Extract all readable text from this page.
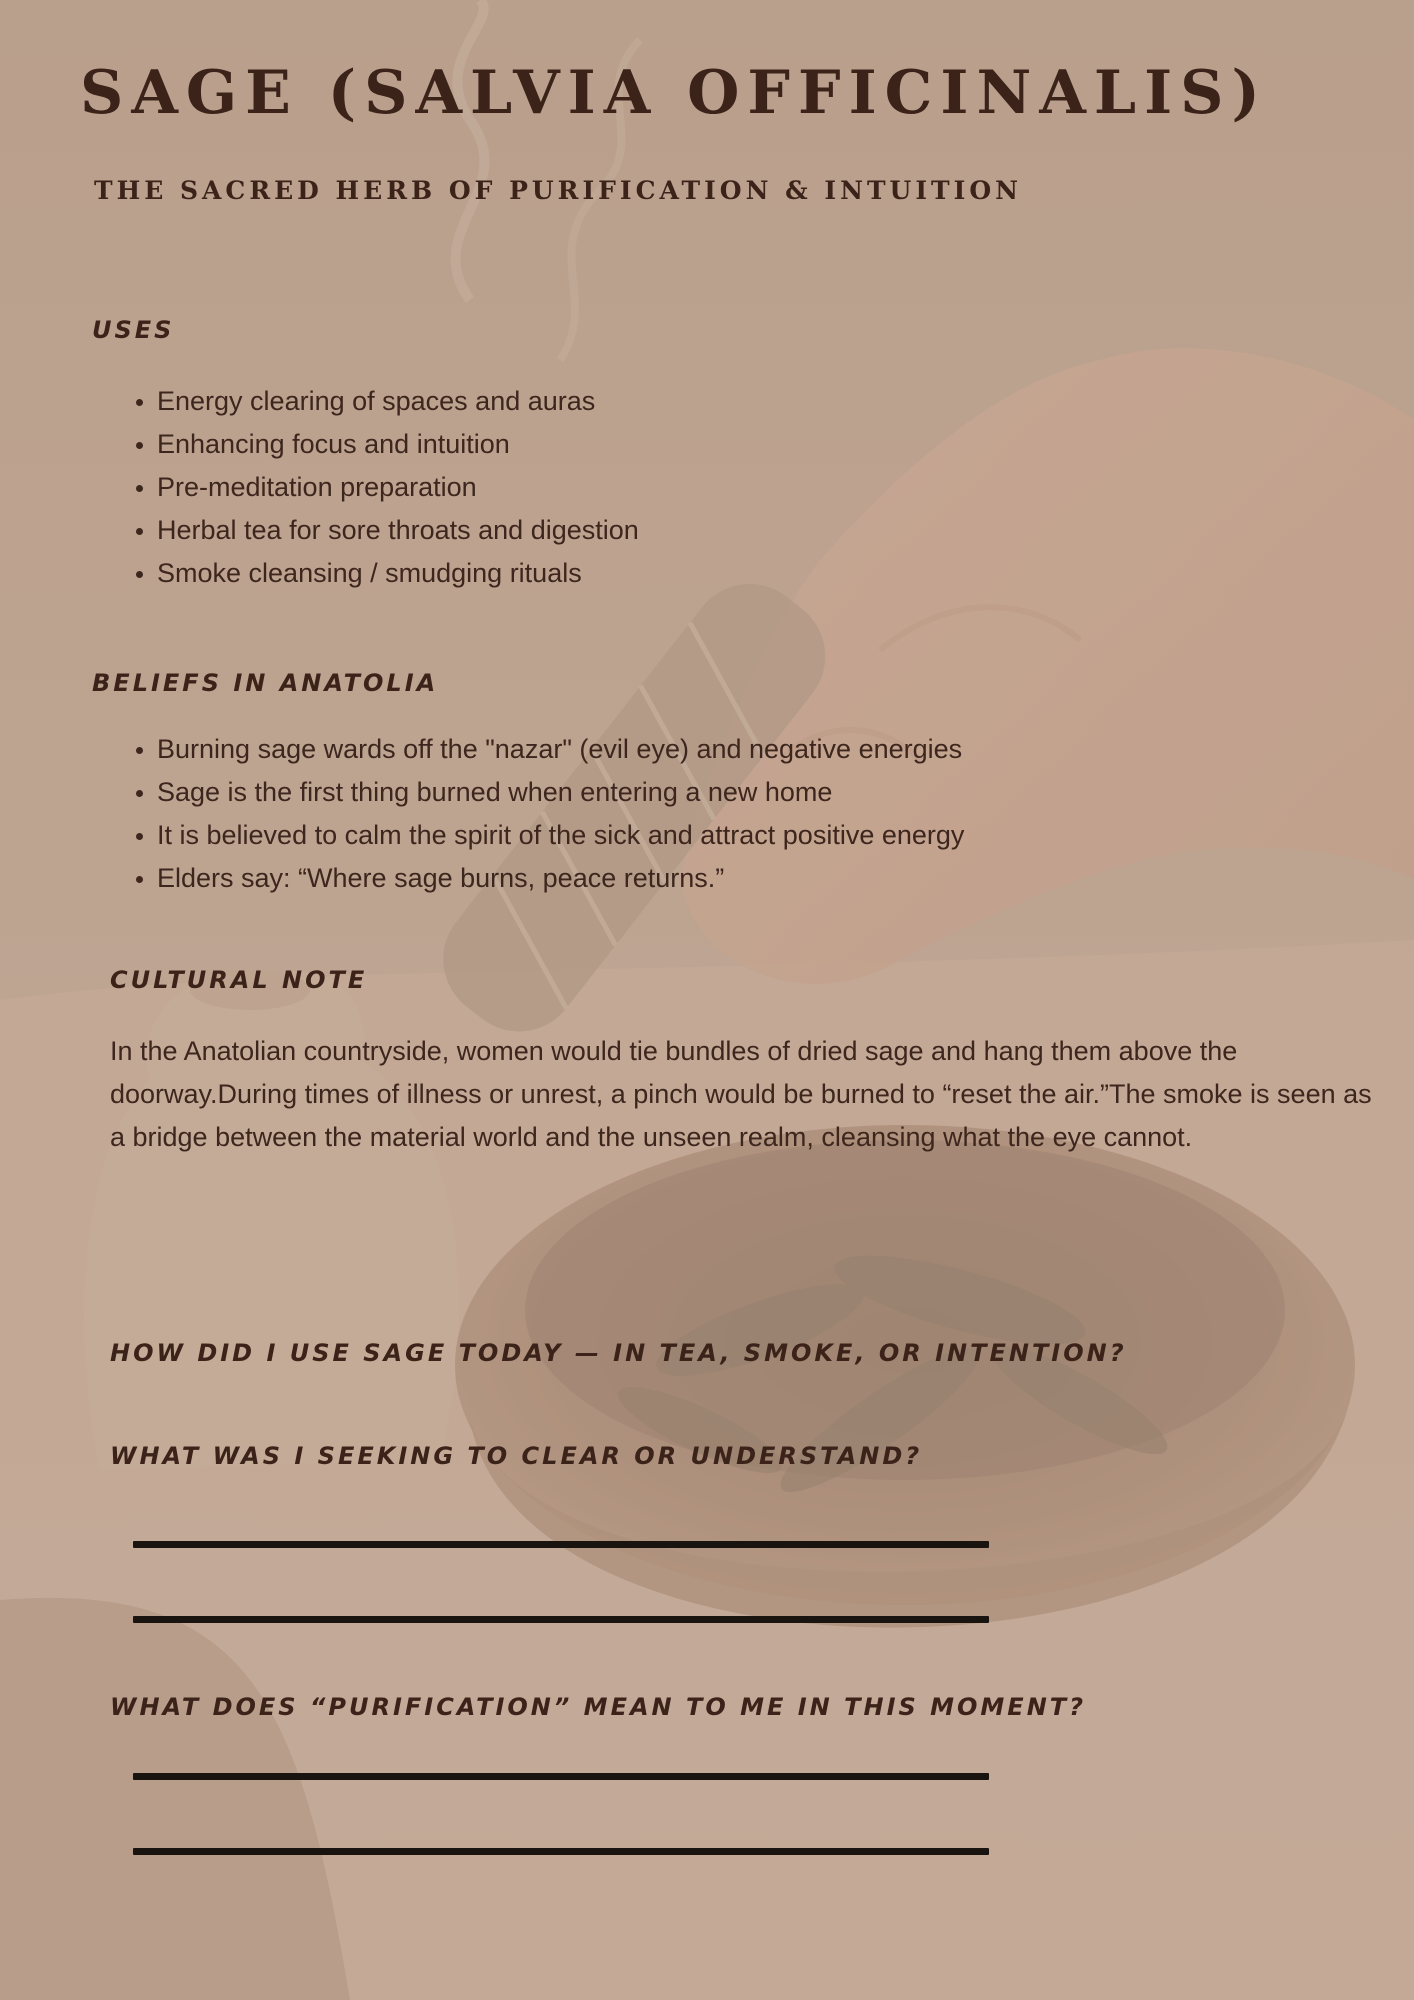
SAGE (SALVIA OFFICINALIS)
THE SACRED HERB OF PURIFICATION & INTUITION
USES
• Energy clearing of spaces and auras
• Enhancing focus and intuition
• Pre-meditation preparation
• Herbal tea for sore throats and digestion
• Smoke cleansing / smudging rituals
BELIEFS IN ANATOLIA
• Burning sage wards off the "nazar" (evil eye) and negative energies
• Sage is the first thing burned when entering a new home
• It is believed to calm the spirit of the sick and attract positive energy
• Elders say: “Where sage burns, peace returns.”
CULTURAL NOTE

In the Anatolian countryside, women would tie bundles of dried sage and hang them above the doorway.During times of illness or unrest, a pinch would be burned to “reset the air.”The smoke is seen as a bridge between the material world and the unseen realm, cleansing what the eye cannot.

HOW DID I USE SAGE TODAY — IN TEA, SMOKE, OR INTENTION?
WHAT WAS I SEEKING TO CLEAR OR UNDERSTAND?
WHAT DOES “PURIFICATION” MEAN TO ME IN THIS MOMENT?
